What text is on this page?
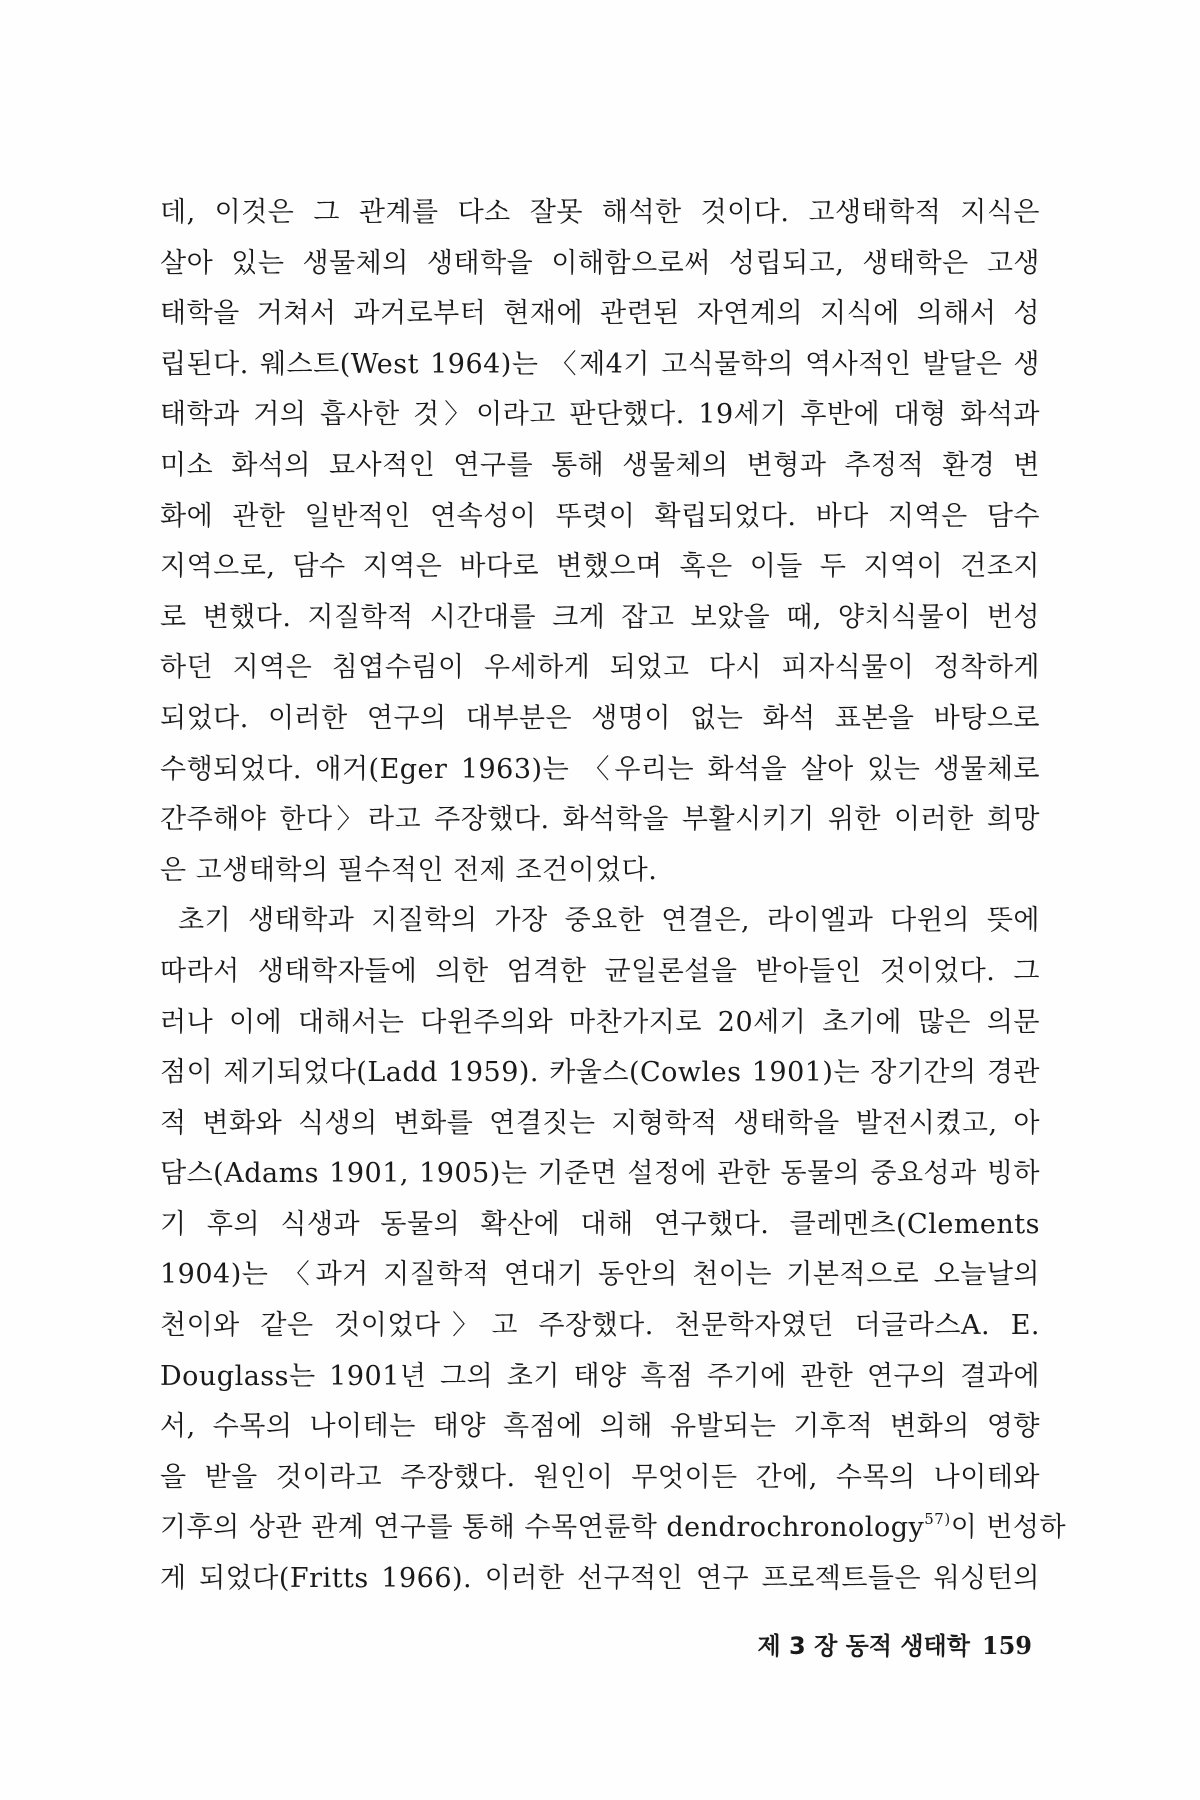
데, 이것은 그 관계를 다소 잘못 해석한 것이다. 고생태학적 지식은
살아 있는 생물체의 생태학을 이해함으로써 성립되고, 생태학은 고생
태학을 거쳐서 과거로부터 현재에 관련된 자연계의 지식에 의해서 성
립된다. 웨스트(West 1964)는 〈제4기 고식물학의 역사적인 발달은 생
태학과 거의 흡사한 것〉이라고 판단했다. 19세기 후반에 대형 화석과
미소 화석의 묘사적인 연구를 통해 생물체의 변형과 추정적 환경 변
화에 관한 일반적인 연속성이 뚜렷이 확립되었다. 바다 지역은 담수
지역으로, 담수 지역은 바다로 변했으며 혹은 이들 두 지역이 건조지
로 변했다. 지질학적 시간대를 크게 잡고 보았을 때, 양치식물이 번성
하던 지역은 침엽수림이 우세하게 되었고 다시 피자식물이 정착하게
되었다. 이러한 연구의 대부분은 생명이 없는 화석 표본을 바탕으로
수행되었다. 애거(Eger 1963)는 〈우리는 화석을 살아 있는 생물체로
간주해야 한다〉라고 주장했다. 화석학을 부활시키기 위한 이러한 희망
은 고생태학의 필수적인 전제 조건이었다.
초기 생태학과 지질학의 가장 중요한 연결은, 라이엘과 다윈의 뜻에
따라서 생태학자들에 의한 엄격한 균일론설을 받아들인 것이었다. 그
러나 이에 대해서는 다윈주의와 마찬가지로 20세기 초기에 많은 의문
점이 제기되었다(Ladd 1959). 카울스(Cowles 1901)는 장기간의 경관
적 변화와 식생의 변화를 연결짓는 지형학적 생태학을 발전시켰고, 아
담스(Adams 1901, 1905)는 기준면 설정에 관한 동물의 중요성과 빙하
기 후의 식생과 동물의 확산에 대해 연구했다. 클레멘츠(Clements
1904)는 〈과거 지질학적 연대기 동안의 천이는 기본적으로 오늘날의
천이와 같은 것이었다〉고 주장했다. 천문학자였던 더글라스A. E.
Douglass는 1901년 그의 초기 태양 흑점 주기에 관한 연구의 결과에
서, 수목의 나이테는 태양 흑점에 의해 유발되는 기후적 변화의 영향
을 받을 것이라고 주장했다. 원인이 무엇이든 간에, 수목의 나이테와
기후의 상관 관계 연구를 통해 수목연륜학 dendrochronology$^{57)}$이 번성하
게 되었다(Fritts 1966). 이러한 선구적인 연구 프로젝트들은 워싱턴의
제 3 장 동적 생태학 159
